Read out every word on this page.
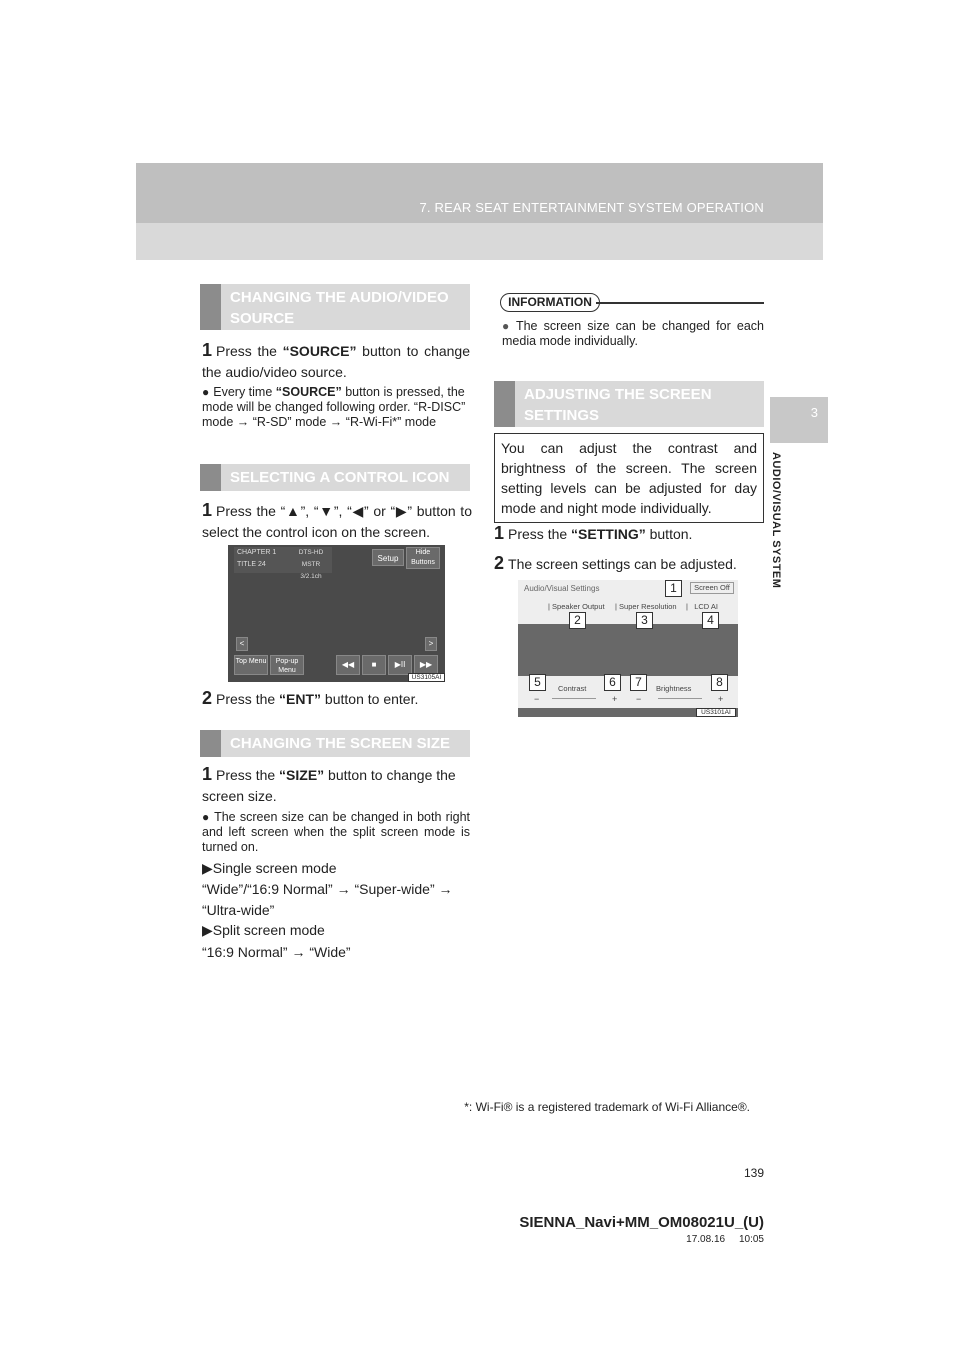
7. REAR SEAT ENTERTAINMENT SYSTEM OPERATION
3
AUDIO/VISUAL SYSTEM
CHANGING THE AUDIO/VIDEO SOURCE
1 Press the “SOURCE” button to change the audio/video source.
● Every time “SOURCE” button is pressed, the mode will be changed following order. “R-DISC” mode → “R-SD” mode → “R-Wi-Fi*” mode
SELECTING A CONTROL ICON
1 Press the “▲”, “▼”, “◀” or “▶” button to select the control icon on the screen.
CHAPTER 1
TITLE 24
DTS-HD MSTR
3/2.1ch
Setup
Hide Buttons
<	>
Top Menu	Pop-up Menu
◀◀	■	▶II	▶▶
US3105AI
2 Press the “ENT” button to enter.
CHANGING THE SCREEN SIZE
1 Press the “SIZE” button to change the screen size.
● The screen size can be changed in both right and left screen when the split screen mode is turned on.
▶Single screen mode
“Wide”/“16:9 Normal” → “Super-wide” → “Ultra-wide”
▶Split screen mode
“16:9 Normal” → “Wide”
INFORMATION
● The screen size can be changed for each media mode individually.
ADJUSTING THE SCREEN SETTINGS
You can adjust the contrast and brightness of the screen. The screen setting levels can be adjusted for day mode and night mode individually.
1 Press the “SETTING” button.
2 The screen settings can be adjusted.
Audio/Visual Settings	Screen Off
| Speaker Output | Super Resolution |   LCD AI
Contrast	Brightness
−	+ −	+
1
2	3	4
5	6	7	8
US3101AI
*: Wi-Fi® is a registered trademark of Wi-Fi Alliance®.
139
SIENNA_Navi+MM_OM08021U_(U)
17.08.16     10:05
